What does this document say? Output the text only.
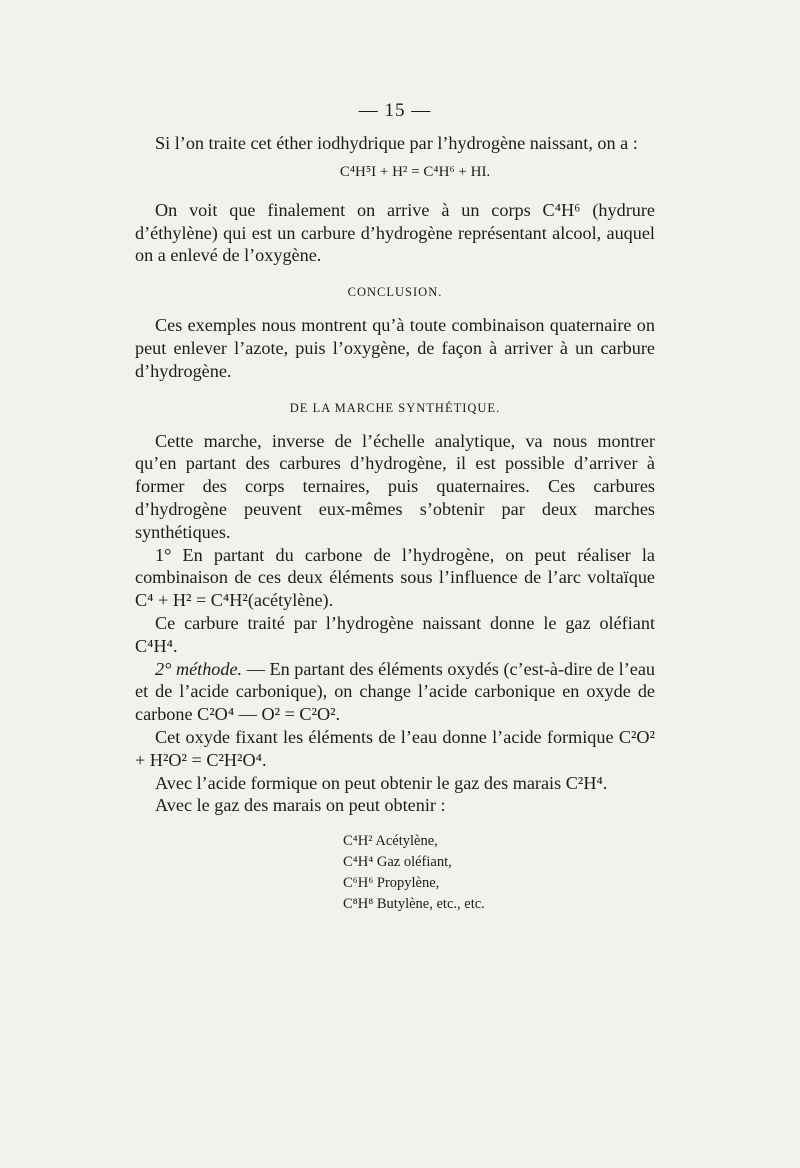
— 15 —

Si l’on traite cet éther iodhydrique par l’hydrogène naissant, on a :

C⁴H⁵I + H² = C⁴H⁶ + HI.

On voit que finalement on arrive à un corps C⁴H⁶ (hydrure d’éthylène) qui est un carbure d’hydrogène représentant alcool, auquel on a enlevé de l’oxygène.

CONCLUSION.

Ces exemples nous montrent qu’à toute combinaison quaternaire on peut enlever l’azote, puis l’oxygène, de façon à arriver à un carbure d’hydrogène.

DE LA MARCHE SYNTHÉTIQUE.

Cette marche, inverse de l’échelle analytique, va nous montrer qu’en partant des carbures d’hydrogène, il est possible d’arriver à former des corps ternaires, puis quaternaires. Ces carbures d’hydrogène peuvent eux-mêmes s’obtenir par deux marches synthétiques.

1° En partant du carbone de l’hydrogène, on peut réaliser la combinaison de ces deux éléments sous l’influence de l’arc voltaïque C⁴ + H² = C⁴H²(acétylène).

Ce carbure traité par l’hydrogène naissant donne le gaz oléfiant C⁴H⁴.

2° méthode. — En partant des éléments oxydés (c’est-à-dire de l’eau et de l’acide carbonique), on change l’acide carbonique en oxyde de carbone C²O⁴ — O² = C²O².

Cet oxyde fixant les éléments de l’eau donne l’acide formique C²O² + H²O² = C²H²O⁴.

Avec l’acide formique on peut obtenir le gaz des marais C²H⁴.

Avec le gaz des marais on peut obtenir :

C⁴H² Acétylène,
C⁴H⁴ Gaz oléfiant,
C⁶H⁶ Propylène,
C⁸H⁸ Butylène, etc., etc.
